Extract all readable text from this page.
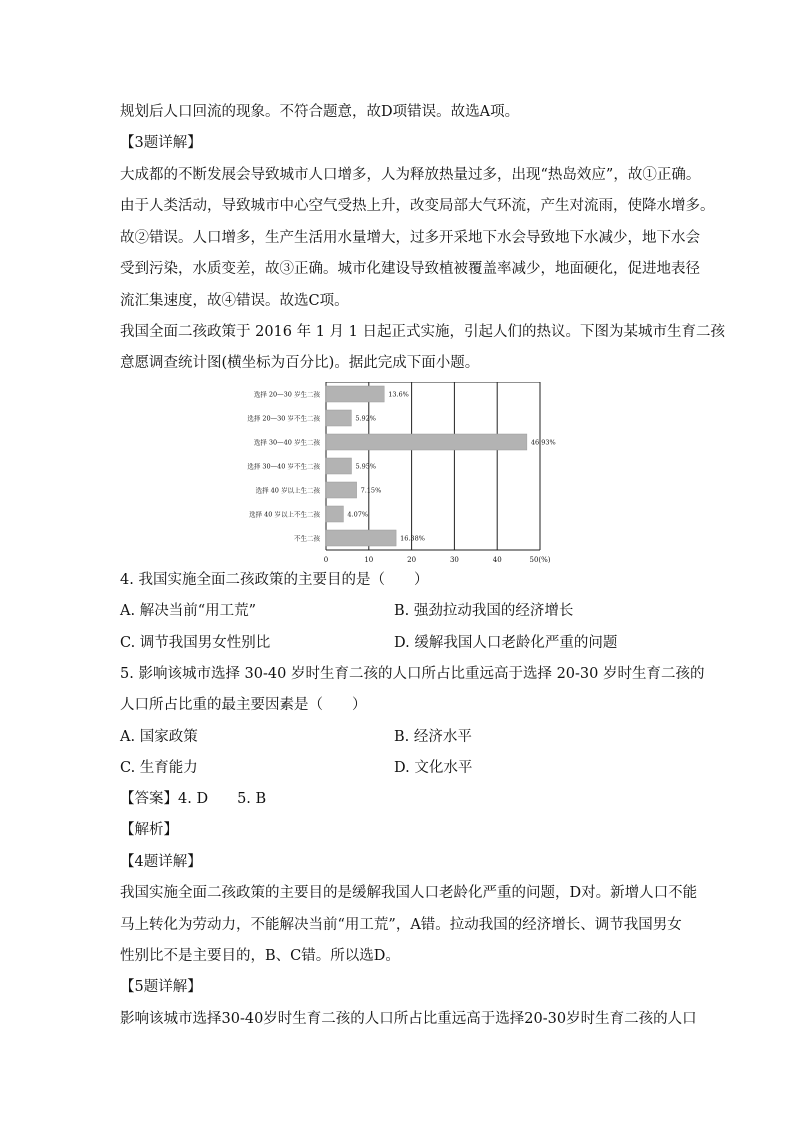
规划后人口回流的现象。不符合题意，故D项错误。故选A项。
【3题详解】
大成都的不断发展会导致城市人口增多，人为释放热量过多，出现“热岛效应”，故①正确。
由于人类活动，导致城市中心空气受热上升，改变局部大气环流，产生对流雨，使降水增多。
故②错误。人口增多，生产生活用水量增大，过多开采地下水会导致地下水减少，地下水会
受到污染，水质变差，故③正确。城市化建设导致植被覆盖率减少，地面硬化，促进地表径
流汇集速度，故④错误。故选C项。
我国全面二孩政策于 2016 年 1 月 1 日起正式实施，引起人们的热议。下图为某城市生育二孩
意愿调查统计图(横坐标为百分比)。据此完成下面小题。
0	10	20	30	40	50(%)
选择 20—30 岁生二孩	13.6%
选择 20—30 岁不生二孩	5.92%
选择 30—40 岁生二孩	46.93%
选择 30—40 岁不生二孩	5.95%
选择 40 岁以上生二孩	7.15%
选择 40 岁以上不生二孩	4.07%
不生二孩	16.38%
4. 我国实施全面二孩政策的主要目的是（　　）
A. 解决当前“用工荒”	B. 强劲拉动我国的经济增长
C. 调节我国男女性别比	D. 缓解我国人口老龄化严重的问题
5. 影响该城市选择 30-40 岁时生育二孩的人口所占比重远高于选择 20-30 岁时生育二孩的
人口所占比重的最主要因素是（　　）
A. 国家政策	B. 经济水平
C. 生育能力	D. 文化水平
【答案】4. D　　5. B
【解析】
【4题详解】
我国实施全面二孩政策的主要目的是缓解我国人口老龄化严重的问题，D对。新增人口不能
马上转化为劳动力，不能解决当前“用工荒”，A错。拉动我国的经济增长、调节我国男女
性别比不是主要目的，B、C错。所以选D。
【5题详解】
影响该城市选择30-40岁时生育二孩的人口所占比重远高于选择20-30岁时生育二孩的人口
